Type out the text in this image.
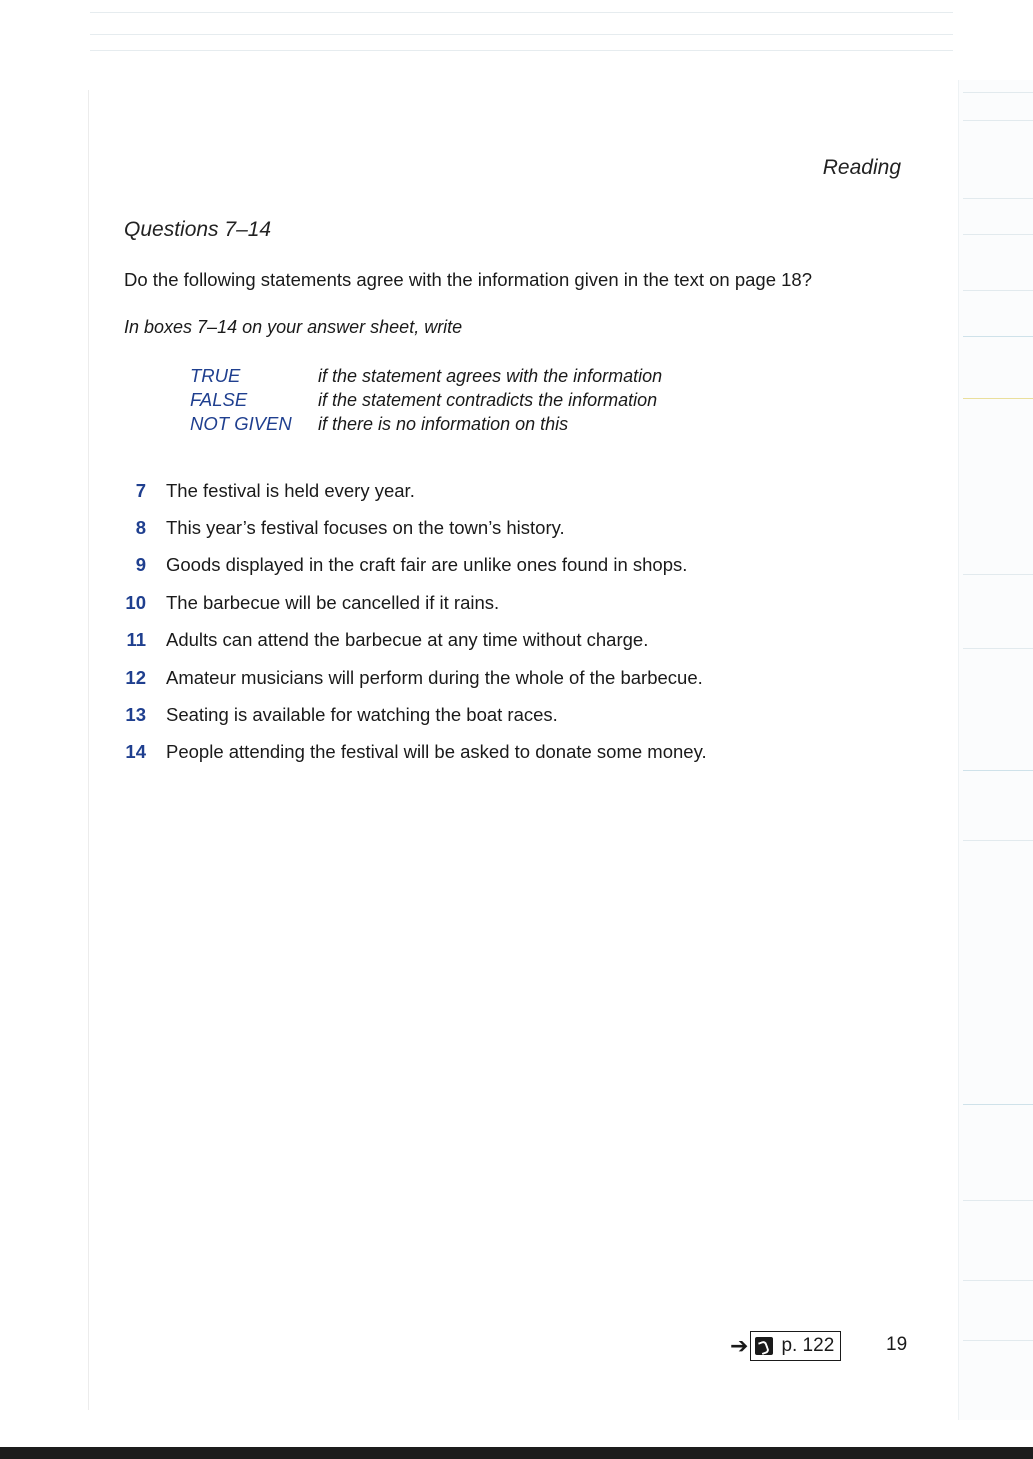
Reading
Questions 7–14
Do the following statements agree with the information given in the text on page 18?
In boxes 7–14 on your answer sheet, write
TRUE	if the statement agrees with the information
FALSE	if the statement contradicts the information
NOT GIVEN	if there is no information on this
7 The festival is held every year.
8 This year’s festival focuses on the town’s history.
9 Goods displayed in the craft fair are unlike ones found in shops.
10 The barbecue will be cancelled if it rains.
11 Adults can attend the barbecue at any time without charge.
12 Amateur musicians will perform during the whole of the barbecue.
13 Seating is available for watching the boat races.
14 People attending the festival will be asked to donate some money.
➔ p. 122	19
